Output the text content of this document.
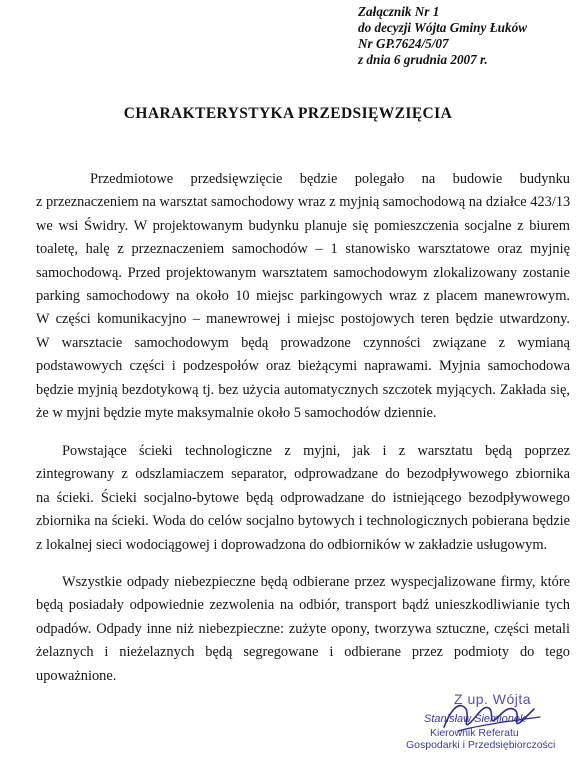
Załącznik Nr 1
do decyzji Wójta Gminy Łuków
Nr GP.7624/5/07
z dnia 6 grudnia 2007 r.
CHARAKTERYSTYKA PRZEDSIĘWZIĘCIA
Przedmiotowe przedsięwzięcie będzie polegało na budowie budynku
z przeznaczeniem na warsztat samochodowy wraz z myjnią samochodową na działce 423/13
we wsi Świdry. W projektowanym budynku planuje się pomieszczenia socjalne z biurem
toaletę, halę z przeznaczeniem samochodów – 1 stanowisko warsztatowe oraz myjnię
samochodową. Przed projektowanym warsztatem samochodowym zlokalizowany zostanie
parking samochodowy na około 10 miejsc parkingowych wraz z placem manewrowym.
W części komunikacyjno – manewrowej i miejsc postojowych teren będzie utwardzony.
W warsztacie samochodowym będą prowadzone czynności związane z wymianą
podstawowych części i podzespołów oraz bieżącymi naprawami. Myjnia samochodowa
będzie myjnią bezdotykową tj. bez użycia automatycznych szczotek myjących. Zakłada się,
że w myjni będzie myte maksymalnie około 5 samochodów dziennie.
Powstające ścieki technologiczne z myjni, jak i z warsztatu będą poprzez
zintegrowany z odszlamiaczem separator, odprowadzane do bezodpływowego zbiornika
na ścieki. Ścieki socjalno-bytowe będą odprowadzane do istniejącego bezodpływowego
zbiornika na ścieki. Woda do celów socjalno bytowych i technologicznych pobierana będzie
z lokalnej sieci wodociągowej i doprowadzona do odbiorników w zakładzie usługowym.
Wszystkie odpady niebezpieczne będą odbierane przez wyspecjalizowane firmy, które
będą posiadały odpowiednie zezwolenia na odbiór, transport bądź unieszkodliwianie tych
odpadów. Odpady inne niż niebezpieczne: zużyte opony, tworzywa sztuczne, części metali
żelaznych i nieżelaznych będą segregowane i odbierane przez podmioty do tego
upoważnione.
Z up. Wójta
Stanisław Siemionek
Kierownik Referatu
Gospodarki i Przedsiębiorczości
